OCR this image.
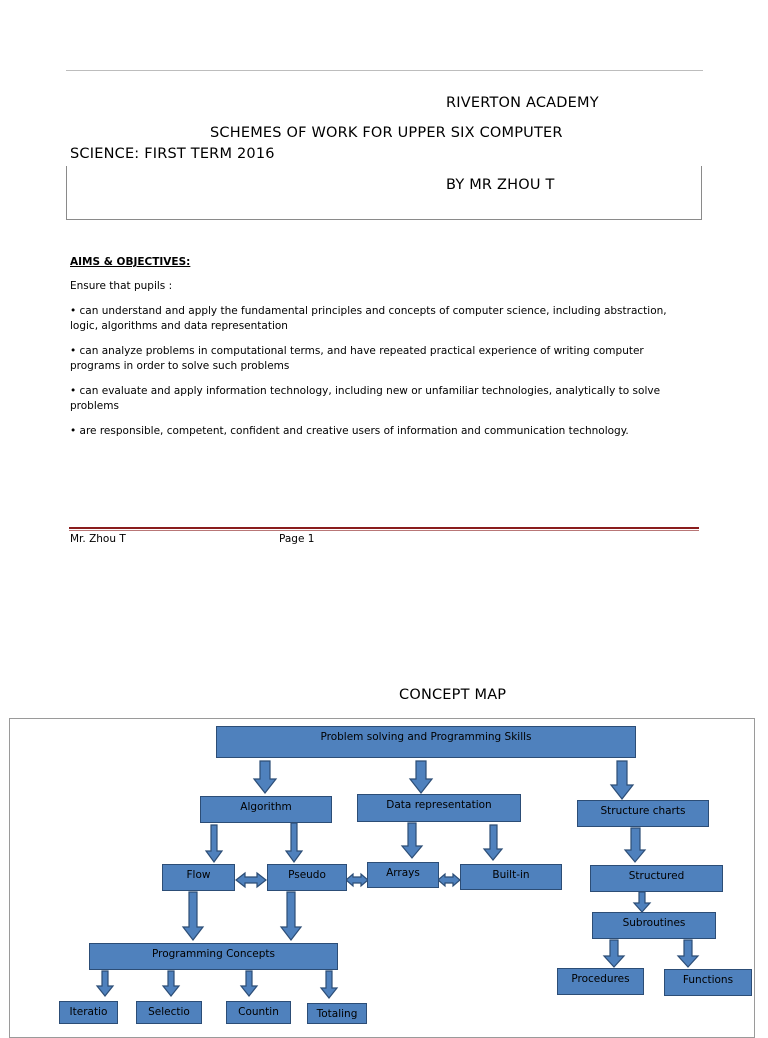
RIVERTON ACADEMY
SCHEMES OF WORK FOR UPPER SIX COMPUTER
SCIENCE: FIRST TERM 2016
BY MR ZHOU T
AIMS & OBJECTIVES:
Ensure that pupils :
• can understand and apply the fundamental principles and concepts of computer science, including abstraction, logic, algorithms and data representation
• can analyze problems in computational terms, and have repeated practical experience of writing computer programs in order to solve such problems
• can evaluate and apply information technology, including new or unfamiliar technologies, analytically to solve problems
• are responsible, competent, confident and creative users of information and communication technology.
Mr. Zhou T	Page 1
CONCEPT MAP
Problem solving and Programming Skills
Algorithm	Data representation	Structure charts
Flow	Pseudo	Arrays	Built-in	Structured
Subroutines
Programming Concepts
Procedures	Functions
Iteratio	Selectio	Countin	Totaling
